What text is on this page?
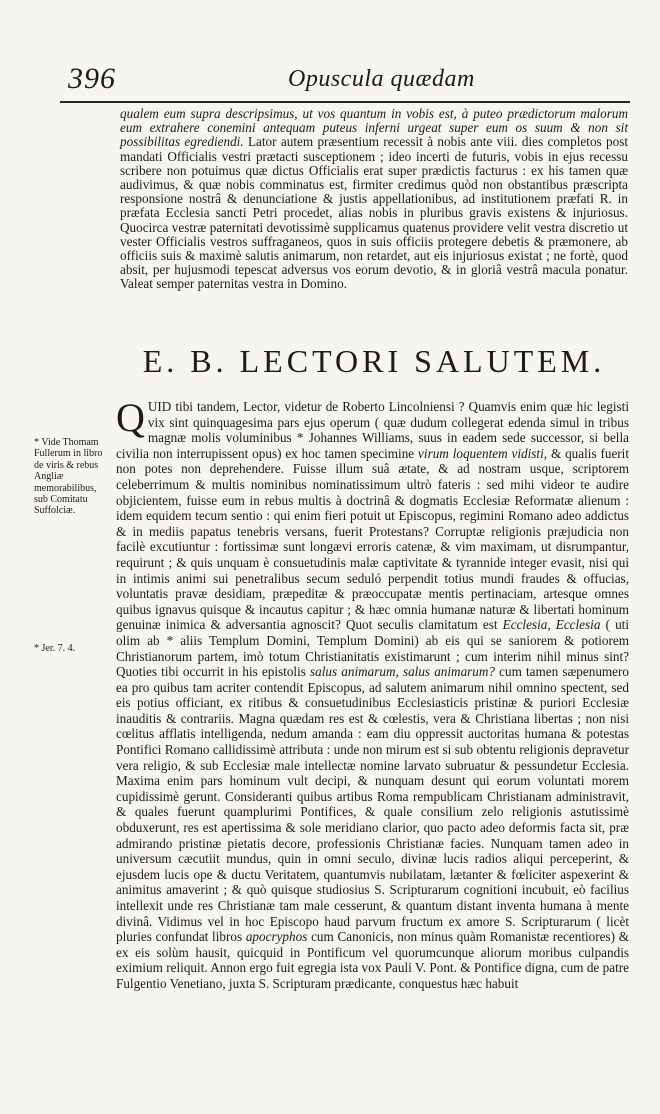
396	Opuscula quædam

qualem eum supra descripsimus, ut vos quantum in vobis est, à puteo prædictorum malorum eum extrahere conemini antequam puteus inferni urgeat super eum os suum & non sit possibilitas egrediendi. Lator autem præsentium recessit à nobis ante viii. dies completos post mandati Officialis vestri prætacti susceptionem ; ideo incerti de futuris, vobis in ejus recessu scribere non potuimus quæ dictus Officialis erat super prædictis facturus : ex his tamen quæ audivimus, & quæ nobis comminatus est, firmiter credimus quòd non obstantibus præscripta responsione nostrâ & denunciatione & justis appellationibus, ad institutionem præfati R. in præfata Ecclesia sancti Petri procedet, alias nobis in pluribus gravis existens & injuriosus. Quocirca vestræ paternitati devotissimè supplicamus quatenus providere velit vestra discretio ut vester Officialis vestros suffraganeos, quos in suis officiis protegere debetis & præmonere, ab officiis suis & maximè salutis animarum, non retardet, aut eis injuriosus existat ; ne fortè, quod absit, per hujusmodi tepescat adversus vos eorum devotio, & in gloriâ vestrâ macula ponatur. Valeat semper paternitas vestra in Domino.

E. B. LECTORI SALUTEM.
* Vide Thomam Fullerum in libro de viris & rebus Angliæ memorabilibus, sub Comitatu Suffolciæ.
* Jer. 7. 4.

QUID tibi tandem, Lector, videtur de Roberto Lincolniensi ? Quamvis enim quæ hic legisti vix sint quinquagesima pars ejus operum ( quæ dudum collegerat edenda simul in tribus magnæ molis voluminibus * Johannes Williams, suus in eadem sede successor, si bella civilia non interrupissent opus) ex hoc tamen specimine virum loquentem vidisti, & qualis fuerit non potes non deprehendere. Fuisse illum suâ ætate, & ad nostram usque, scriptorem celeberrimum & multis nominibus nominatissimum ultrò fateris : sed mihi videor te audire objicientem, fuisse eum in rebus multis à doctrinâ & dogmatis Ecclesiæ Reformatæ alienum : idem equidem tecum sentio : qui enim fieri potuit ut Episcopus, regimini Romano adeo addictus & in mediis papatus tenebris versans, fuerit Protestans? Corruptæ religionis præjudicia non facilè excutiuntur : fortissimæ sunt longævi erroris catenæ, & vim maximam, ut disrumpantur, requirunt ; & quis unquam è consuetudinis malæ captivitate & tyrannide integer evasit, nisi qui in intimis animi sui penetralibus secum seduló perpendit totius mundi fraudes & offucias, voluntatis pravæ desidiam, præpeditæ & præoccupatæ mentis pertinaciam, artesque omnes quibus ignavus quisque & incautus capitur ; & hæc omnia humanæ naturæ & libertati hominum genuinæ inimica & adversantia agnoscit? Quot seculis clamitatum est Ecclesia, Ecclesia ( uti olim ab * aliis Templum Domini, Templum Domini) ab eis qui se saniorem & potiorem Christianorum partem, imò totum Christianitatis existimarunt ; cum interim nihil minus sint? Quoties tibi occurrit in his epistolis salus animarum, salus animarum? cum tamen sæpenumero ea pro quibus tam acriter contendit Episcopus, ad salutem animarum nihil omnino spectent, sed eis potius officiant, ex ritibus & consuetudinibus Ecclesiasticis pristinæ & puriori Ecclesiæ inauditis & contrariis. Magna quædam res est & cœlestis, vera & Christiana libertas ; non nisi cœlitus afflatis intelligenda, nedum amanda : eam diu oppressit auctoritas humana & potestas Pontifici Romano callidissimè attributa : unde non mirum est si sub obtentu religionis depravetur vera religio, & sub Ecclesiæ male intellectæ nomine larvato subruatur & pessundetur Ecclesia. Maxima enim pars hominum vult decipi, & nunquam desunt qui eorum voluntati morem cupidissimè gerunt. Consideranti quibus artibus Roma rempublicam Christianam administravit, & quales fuerunt quamplurimi Pontifices, & quale consilium zelo religionis astutissimè obduxerunt, res est apertissima & sole meridiano clarior, quo pacto adeo deformis facta sit, præ admirando pristinæ pietatis decore, professionis Christianæ facies. Nunquam tamen adeo in universum cæcutiit mundus, quin in omni seculo, divinæ lucis radios aliqui perceperint, & ejusdem lucis ope & ductu Veritatem, quantumvis nubilatam, lætanter & fœliciter aspexerint & animitus amaverint ; & quò quisque studiosius S. Scripturarum cognitioni incubuit, eò facilius intellexit unde res Christianæ tam male cesserunt, & quantum distant inventa humana à mente divinâ. Vidimus vel in hoc Episcopo haud parvum fructum ex amore S. Scripturarum ( licèt pluries confundat libros apocryphos cum Canonicis, non minus quàm Romanistæ recentiores) & ex eis solùm hausit, quicquid in Pontificum vel quorumcunque aliorum moribus culpandis eximium reliquit. Annon ergo fuit egregia ista vox Pauli V. Pont. & Pontifice digna, cum de patre Fulgentio Venetiano, juxta S. Scripturam prædicante, conquestus hæc habuit
